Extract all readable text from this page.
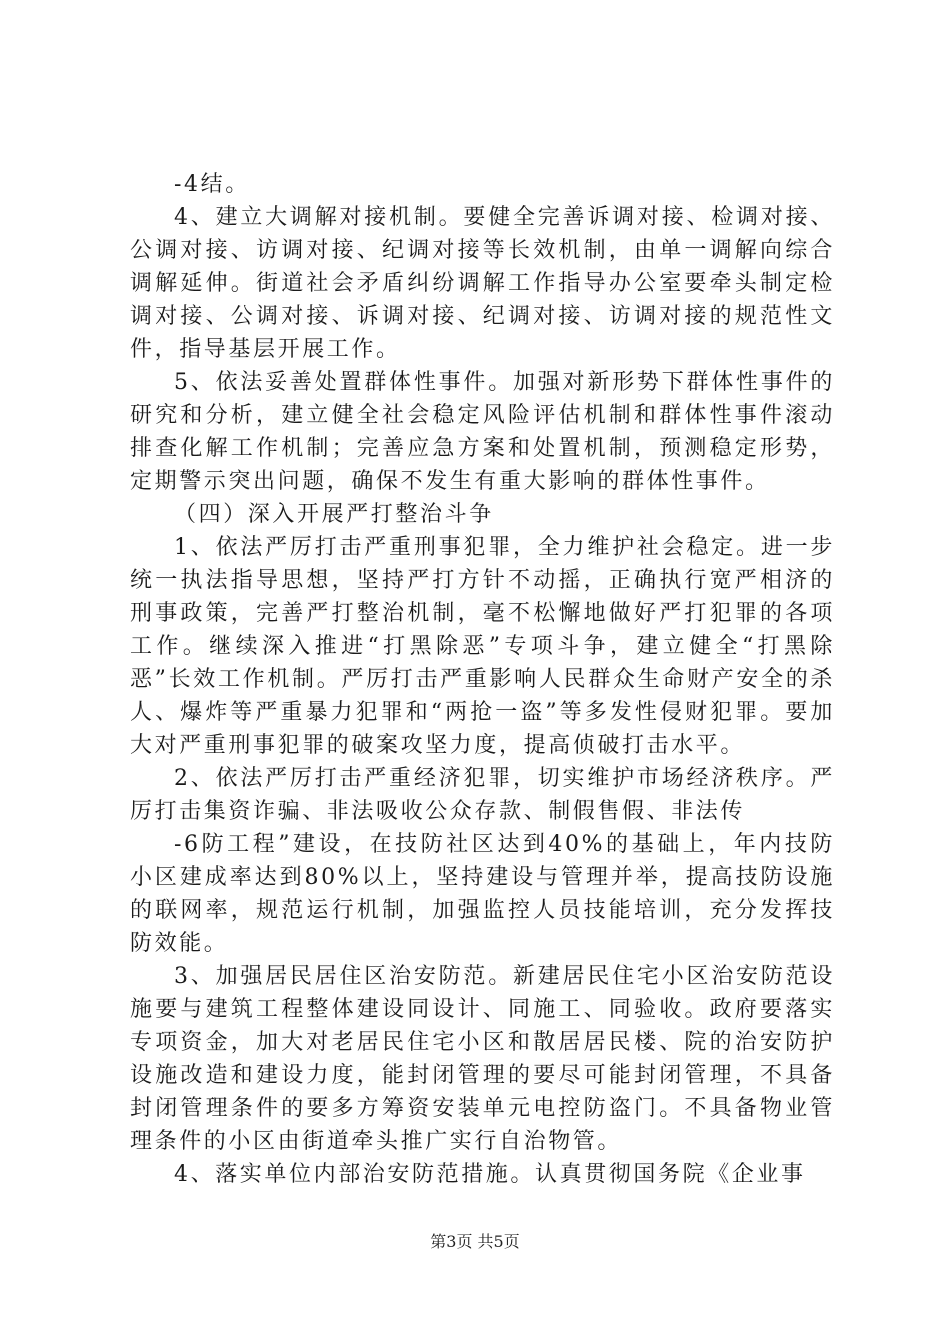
-4结。

4、建立大调解对接机制。要健全完善诉调对接、检调对接、公调对接、访调对接、纪调对接等长效机制，由单一调解向综合调解延伸。街道社会矛盾纠纷调解工作指导办公室要牵头制定检调对接、公调对接、诉调对接、纪调对接、访调对接的规范性文件，指导基层开展工作。

5、依法妥善处置群体性事件。加强对新形势下群体性事件的研究和分析，建立健全社会稳定风险评估机制和群体性事件滚动排查化解工作机制；完善应急方案和处置机制，预测稳定形势，定期警示突出问题，确保不发生有重大影响的群体性事件。

（四）深入开展严打整治斗争

1、依法严厉打击严重刑事犯罪，全力维护社会稳定。进一步统一执法指导思想，坚持严打方针不动摇，正确执行宽严相济的刑事政策，完善严打整治机制，毫不松懈地做好严打犯罪的各项工作。继续深入推进“打黑除恶”专项斗争，建立健全“打黑除恶”长效工作机制。严厉打击严重影响人民群众生命财产安全的杀人、爆炸等严重暴力犯罪和“两抢一盗”等多发性侵财犯罪。要加大对严重刑事犯罪的破案攻坚力度，提高侦破打击水平。

2、依法严厉打击严重经济犯罪，切实维护市场经济秩序。严厉打击集资诈骗、非法吸收公众存款、制假售假、非法传

-6防工程”建设，在技防社区达到40%的基础上，年内技防小区建成率达到80%以上，坚持建设与管理并举，提高技防设施的联网率，规范运行机制，加强监控人员技能培训，充分发挥技防效能。

3、加强居民居住区治安防范。新建居民住宅小区治安防范设施要与建筑工程整体建设同设计、同施工、同验收。政府要落实专项资金，加大对老居民住宅小区和散居居民楼、院的治安防护设施改造和建设力度，能封闭管理的要尽可能封闭管理，不具备封闭管理条件的要多方筹资安装单元电控防盗门。不具备物业管理条件的小区由街道牵头推广实行自治物管。

4、落实单位内部治安防范措施。认真贯彻国务院《企业事

第3页 共5页
